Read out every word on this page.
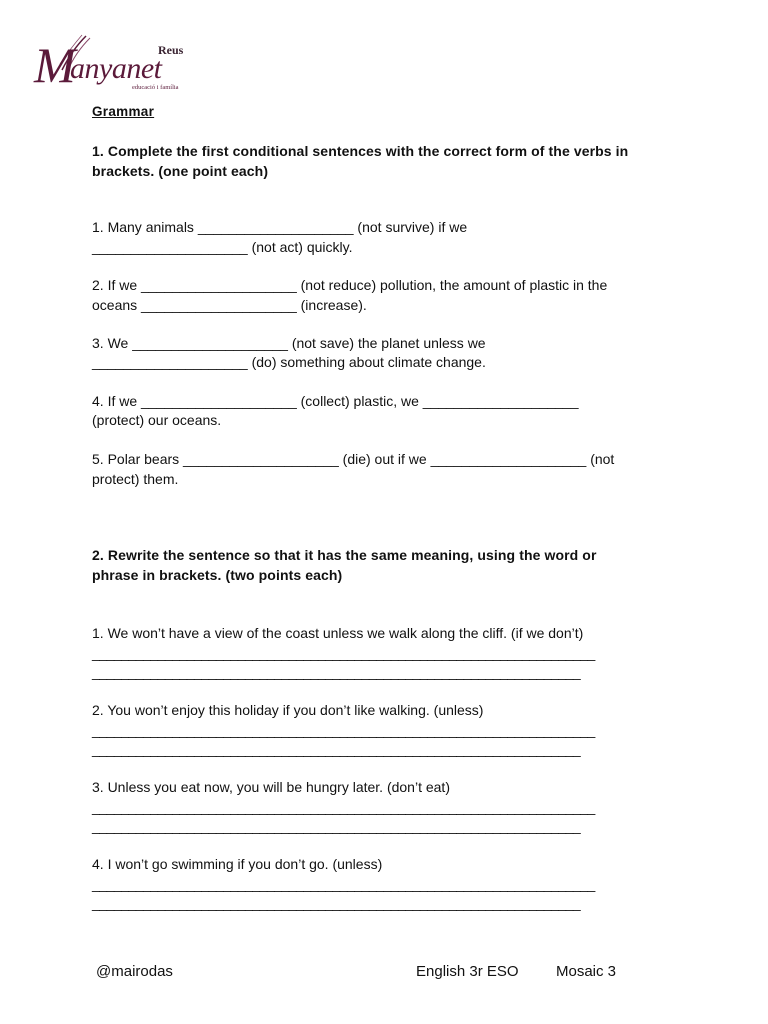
Reus
M
anyanet
educació i família

Grammar

1. Complete the first conditional sentences with the correct form of the verbs in

brackets. (one point each)

1. Many animals ____________________ (not survive) if we

____________________ (not act) quickly.

2. If we ____________________ (not reduce) pollution, the amount of plastic in the

oceans ____________________ (increase).

3. We ____________________ (not save) the planet unless we

____________________ (do) something about climate change.

4. If we ____________________ (collect) plastic, we ____________________

(protect) our oceans.

5. Polar bears ____________________ (die) out if we ____________________ (not

protect) them.

2. Rewrite the sentence so that it has the same meaning, using the word or

phrase in brackets. (two points each)

1. We won’t have a view of the coast unless we walk along the cliff. (if we don’t)

_____________________________________________________________________

___________________________________________________________________

2. You won’t enjoy this holiday if you don’t like walking. (unless)

_____________________________________________________________________

___________________________________________________________________

3. Unless you eat now, you will be hungry later. (don’t eat)

_____________________________________________________________________

___________________________________________________________________

4. I won’t go swimming if you don’t go. (unless)

_____________________________________________________________________

___________________________________________________________________

@mairodas	English 3r ESO Mosaic 3
